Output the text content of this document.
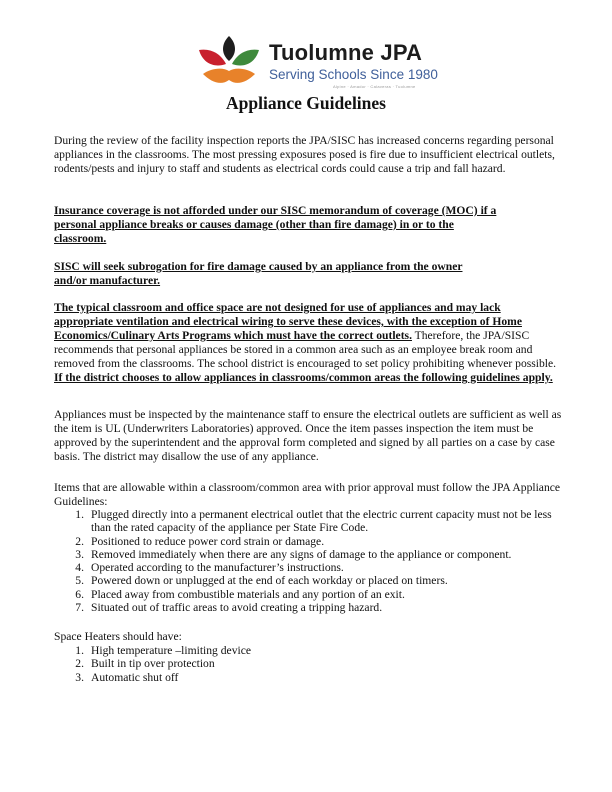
Tuolumne JPA
Serving Schools Since 1980
Alpine · Amador · Calaveras · Tuolumne
Appliance Guidelines

During the review of the facility inspection reports the JPA/SISC has increased concerns regarding personal appliances in the classrooms. The most pressing exposures posed is fire due to insufficient electrical outlets, rodents/pests and injury to staff and students as electrical cords could cause a trip and fall hazard.

Insurance coverage is not afforded under our SISC memorandum of coverage (MOC) if a
personal appliance breaks or causes damage (other than fire damage) in or to the
classroom.

SISC will seek subrogation for fire damage caused by an appliance from the owner
and/or manufacturer.

The typical classroom and office space are not designed for use of appliances and may lack appropriate ventilation and electrical wiring to serve these devices, with the exception of Home Economics/Culinary Arts Programs which must have the correct outlets. Therefore, the JPA/SISC recommends that personal appliances be stored in a common area such as an employee break room and removed from the classrooms. The school district is encouraged to set policy prohibiting whenever possible. If the district chooses to allow appliances in classrooms/common areas the following guidelines apply.

Appliances must be inspected by the maintenance staff to ensure the electrical outlets are sufficient as well as the item is UL (Underwriters Laboratories) approved. Once the item passes inspection the item must be approved by the superintendent and the approval form completed and signed by all parties on a case by case basis. The district may disallow the use of any appliance.

Items that are allowable within a classroom/common area with prior approval must follow the JPA Appliance Guidelines:

1. Plugged directly into a permanent electrical outlet that the electric current capacity must not be less than the rated capacity of the appliance per State Fire Code.
2. Positioned to reduce power cord strain or damage.
3. Removed immediately when there are any signs of damage to the appliance or component.
4. Operated according to the manufacturer’s instructions.
5. Powered down or unplugged at the end of each workday or placed on timers.
6. Placed away from combustible materials and any portion of an exit.
7. Situated out of traffic areas to avoid creating a tripping hazard.

Space Heaters should have:

1. High temperature –limiting device
2. Built in tip over protection
3. Automatic shut off
